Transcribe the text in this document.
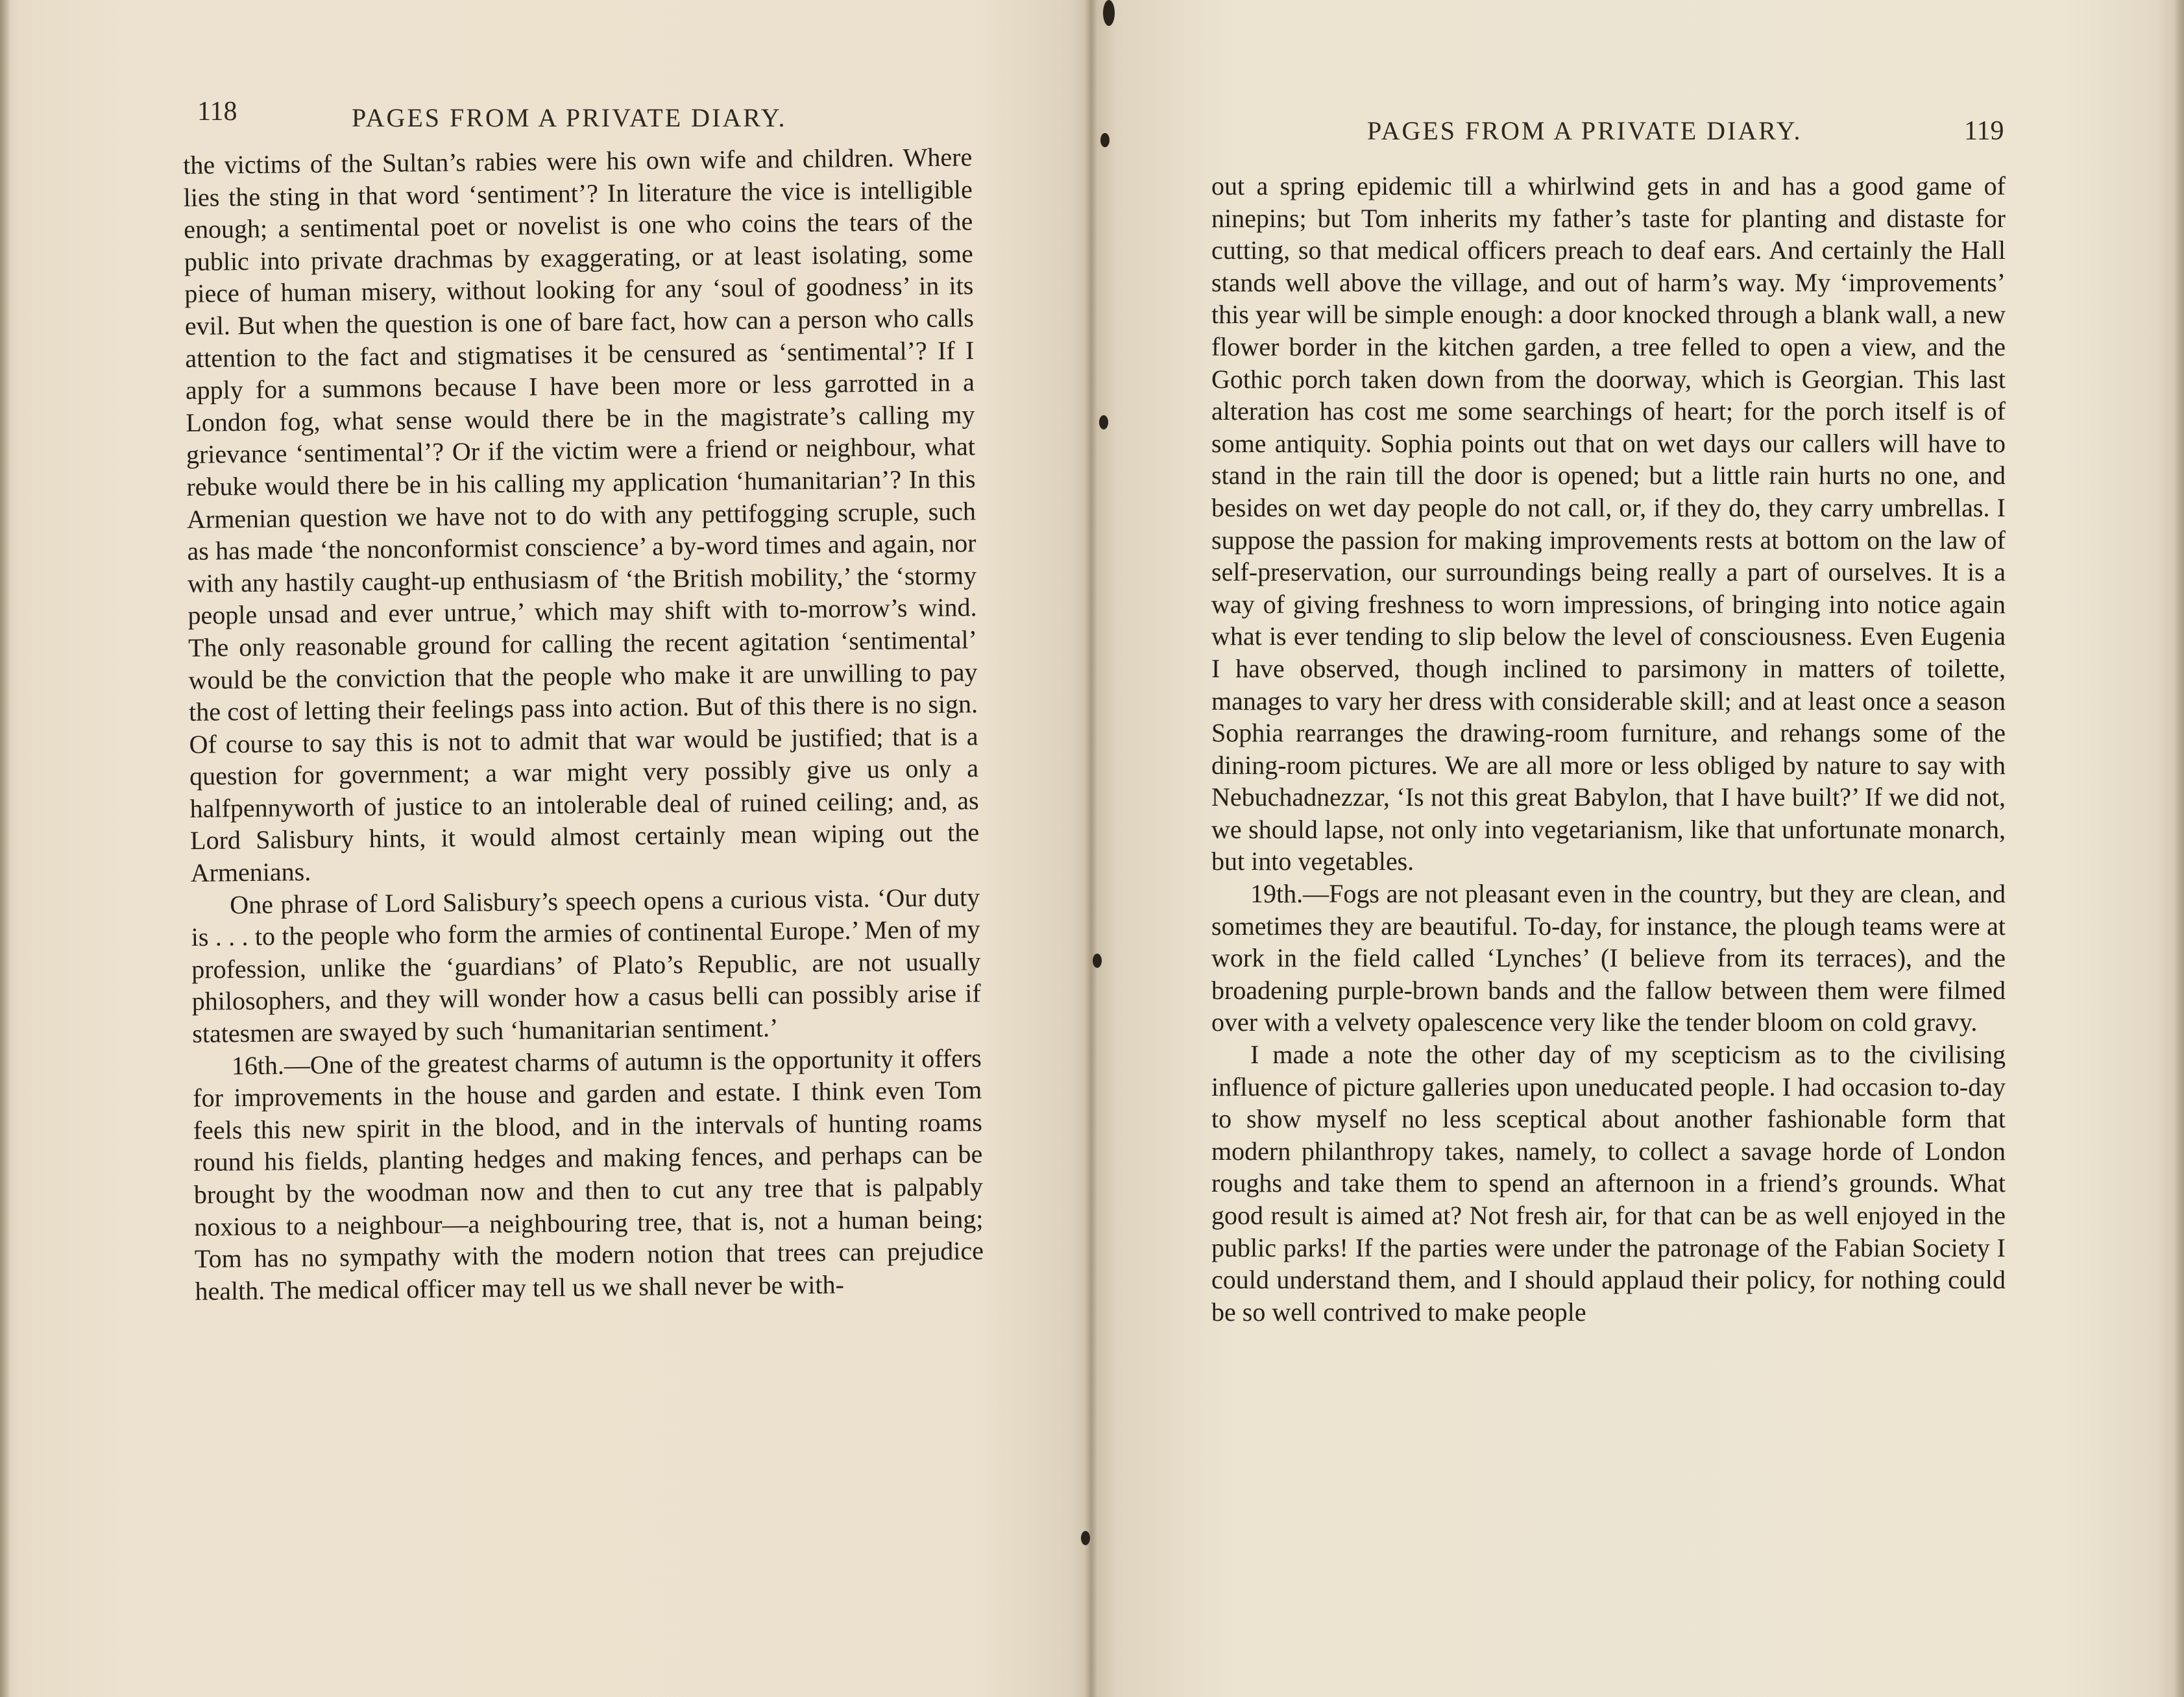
118	PAGES FROM A PRIVATE DIARY.

the victims of the Sultan’s rabies were his own wife and children. Where lies the sting in that word ‘sentiment’? In literature the vice is intelligible enough; a sentimental poet or novelist is one who coins the tears of the public into private drachmas by exaggerating, or at least isolating, some piece of human misery, without looking for any ‘soul of goodness’ in its evil. But when the question is one of bare fact, how can a person who calls attention to the fact and stigmatises it be censured as ‘sentimental’? If I apply for a summons because I have been more or less garrotted in a London fog, what sense would there be in the magistrate’s calling my grievance ‘sentimental’? Or if the victim were a friend or neighbour, what rebuke would there be in his calling my application ‘humanitarian’? In this Armenian question we have not to do with any pettifogging scruple, such as has made ‘the nonconformist conscience’ a by-word times and again, nor with any hastily caught-up enthusiasm of ‘the British mobility,’ the ‘stormy people unsad and ever untrue,’ which may shift with to-morrow’s wind. The only reasonable ground for calling the recent agitation ‘sentimental’ would be the conviction that the people who make it are unwilling to pay the cost of letting their feelings pass into action. But of this there is no sign. Of course to say this is not to admit that war would be justified; that is a question for government; a war might very possibly give us only a halfpennyworth of justice to an intolerable deal of ruined ceiling; and, as Lord Salisbury hints, it would almost certainly mean wiping out the Armenians.

One phrase of Lord Salisbury’s speech opens a curious vista. ‘Our duty is . . . to the people who form the armies of continental Europe.’ Men of my profession, unlike the ‘guardians’ of Plato’s Republic, are not usually philosophers, and they will wonder how a casus belli can possibly arise if statesmen are swayed by such ‘humanitarian sentiment.’

16th.—One of the greatest charms of autumn is the opportunity it offers for improvements in the house and garden and estate. I think even Tom feels this new spirit in the blood, and in the intervals of hunting roams round his fields, planting hedges and making fences, and perhaps can be brought by the woodman now and then to cut any tree that is palpably noxious to a neighbour—a neighbouring tree, that is, not a human being; Tom has no sympathy with the modern notion that trees can prejudice health. The medical officer may tell us we shall never be with-

PAGES FROM A PRIVATE DIARY.	119

out a spring epidemic till a whirlwind gets in and has a good game of ninepins; but Tom inherits my father’s taste for planting and distaste for cutting, so that medical officers preach to deaf ears. And certainly the Hall stands well above the village, and out of harm’s way. My ‘improvements’ this year will be simple enough: a door knocked through a blank wall, a new flower border in the kitchen garden, a tree felled to open a view, and the Gothic porch taken down from the doorway, which is Georgian. This last alteration has cost me some searchings of heart; for the porch itself is of some antiquity. Sophia points out that on wet days our callers will have to stand in the rain till the door is opened; but a little rain hurts no one, and besides on wet day people do not call, or, if they do, they carry umbrellas. I suppose the passion for making improvements rests at bottom on the law of self-preservation, our surroundings being really a part of ourselves. It is a way of giving freshness to worn impressions, of bringing into notice again what is ever tending to slip below the level of consciousness. Even Eugenia I have observed, though inclined to parsimony in matters of toilette, manages to vary her dress with considerable skill; and at least once a season Sophia rearranges the drawing-room furniture, and rehangs some of the dining-room pictures. We are all more or less obliged by nature to say with Nebuchadnezzar, ‘Is not this great Babylon, that I have built?’ If we did not, we should lapse, not only into vegetarianism, like that unfortunate monarch, but into vegetables.

19th.—Fogs are not pleasant even in the country, but they are clean, and sometimes they are beautiful. To-day, for instance, the plough teams were at work in the field called ‘Lynches’ (I believe from its terraces), and the broadening purple-brown bands and the fallow between them were filmed over with a velvety opalescence very like the tender bloom on cold gravy.

I made a note the other day of my scepticism as to the civilising influence of picture galleries upon uneducated people. I had occasion to-day to show myself no less sceptical about another fashionable form that modern philanthropy takes, namely, to collect a savage horde of London roughs and take them to spend an afternoon in a friend’s grounds. What good result is aimed at? Not fresh air, for that can be as well enjoyed in the public parks! If the parties were under the patronage of the Fabian Society I could understand them, and I should applaud their policy, for nothing could be so well contrived to make people
